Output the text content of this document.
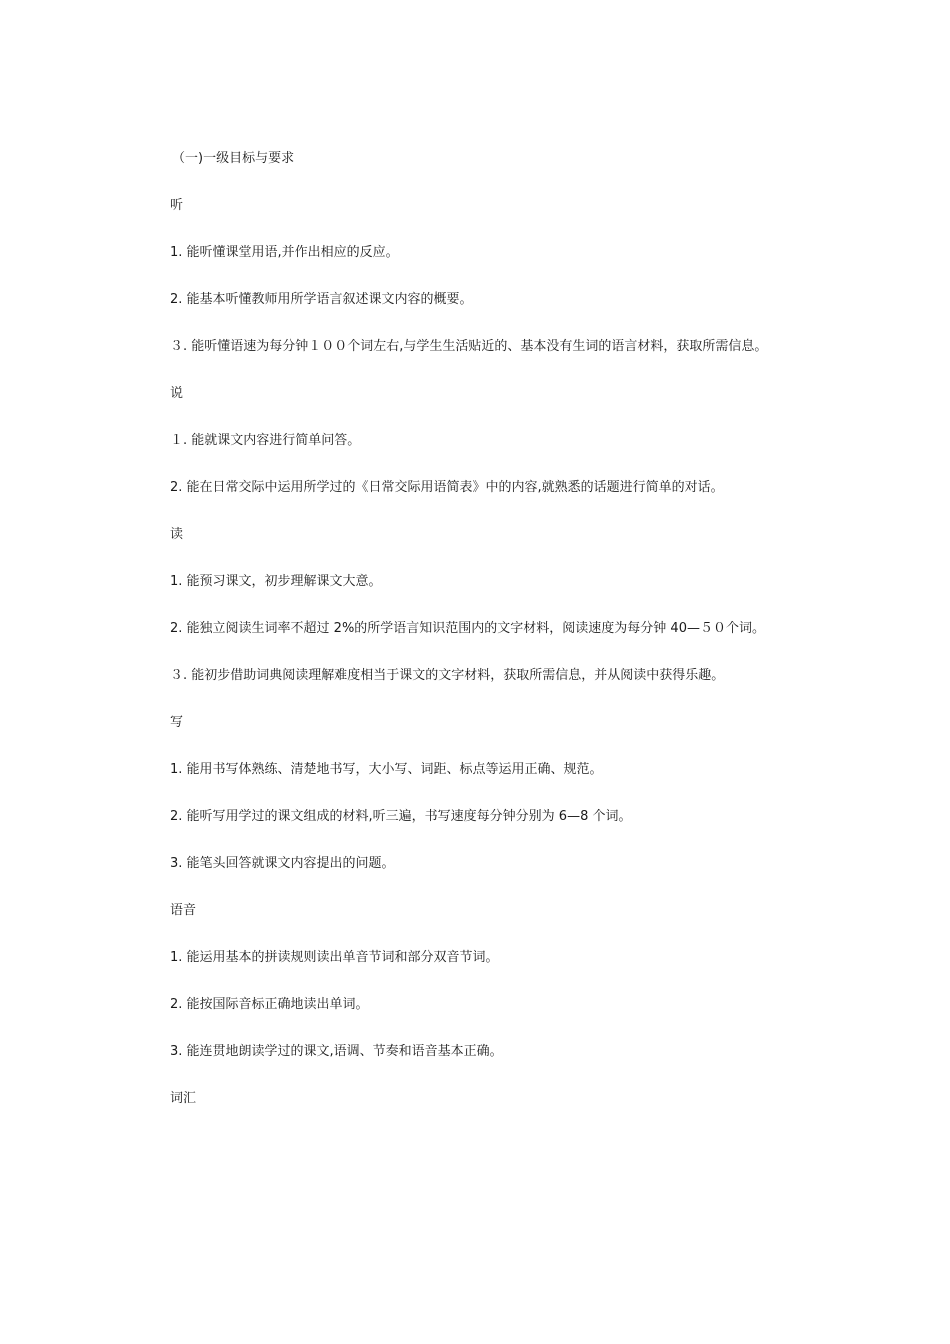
（一)一级目标与要求

听

1. 能听懂课堂用语,并作出相应的反应。

2. 能基本听懂教师用所学语言叙述课文内容的概要。

３. 能听懂语速为每分钟１００个词左右,与学生生活贴近的、基本没有生词的语言材料，获取所需信息。

说

１. 能就课文内容进行简单问答。

2. 能在日常交际中运用所学过的《日常交际用语简表》中的内容,就熟悉的话题进行简单的对话。

读

1. 能预习课文，初步理解课文大意。

2. 能独立阅读生词率不超过 2%的所学语言知识范围内的文字材料，阅读速度为每分钟 40—５０个词。

３. 能初步借助词典阅读理解难度相当于课文的文字材料，获取所需信息，并从阅读中获得乐趣。

写

1. 能用书写体熟练、清楚地书写，大小写、词距、标点等运用正确、规范。

2. 能听写用学过的课文组成的材料,听三遍，书写速度每分钟分别为 6—8 个词。

3. 能笔头回答就课文内容提出的问题。

语音

1. 能运用基本的拼读规则读出单音节词和部分双音节词。

2. 能按国际音标正确地读出单词。

3. 能连贯地朗读学过的课文,语调、节奏和语音基本正确。

词汇
